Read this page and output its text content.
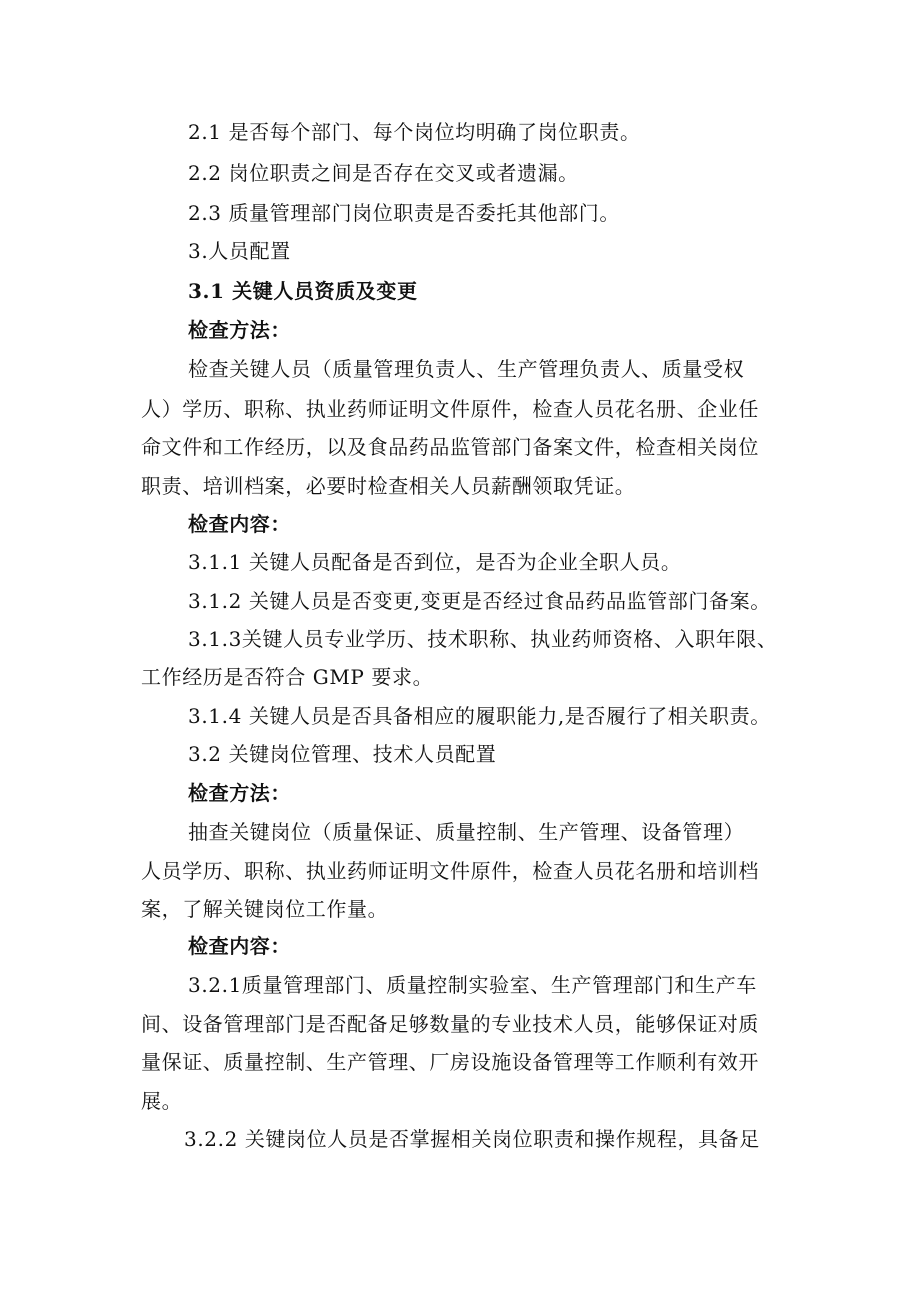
2.1 是否每个部门、每个岗位均明确了岗位职责。
2.2 岗位职责之间是否存在交叉或者遗漏。
2.3 质量管理部门岗位职责是否委托其他部门。
3.人员配置
3.1 关键人员资质及变更
检查方法：
检查关键人员（质量管理负责人、生产管理负责人、质量受权
人）学历、职称、执业药师证明文件原件，检查人员花名册、企业任
命文件和工作经历，以及食品药品监管部门备案文件，检查相关岗位
职责、培训档案，必要时检查相关人员薪酬领取凭证。
检查内容：
3.1.1 关键人员配备是否到位，是否为企业全职人员。
3.1.2 关键人员是否变更,变更是否经过食品药品监管部门备案。
3.1.3关键人员专业学历、技术职称、执业药师资格、入职年限、
工作经历是否符合 GMP 要求。
3.1.4 关键人员是否具备相应的履职能力,是否履行了相关职责。
3.2 关键岗位管理、技术人员配置
检查方法：
抽查关键岗位（质量保证、质量控制、生产管理、设备管理）
人员学历、职称、执业药师证明文件原件，检查人员花名册和培训档
案，了解关键岗位工作量。
检查内容：
3.2.1质量管理部门、质量控制实验室、生产管理部门和生产车
间、设备管理部门是否配备足够数量的专业技术人员，能够保证对质
量保证、质量控制、生产管理、厂房设施设备管理等工作顺利有效开
展。
3.2.2 关键岗位人员是否掌握相关岗位职责和操作规程，具备足
